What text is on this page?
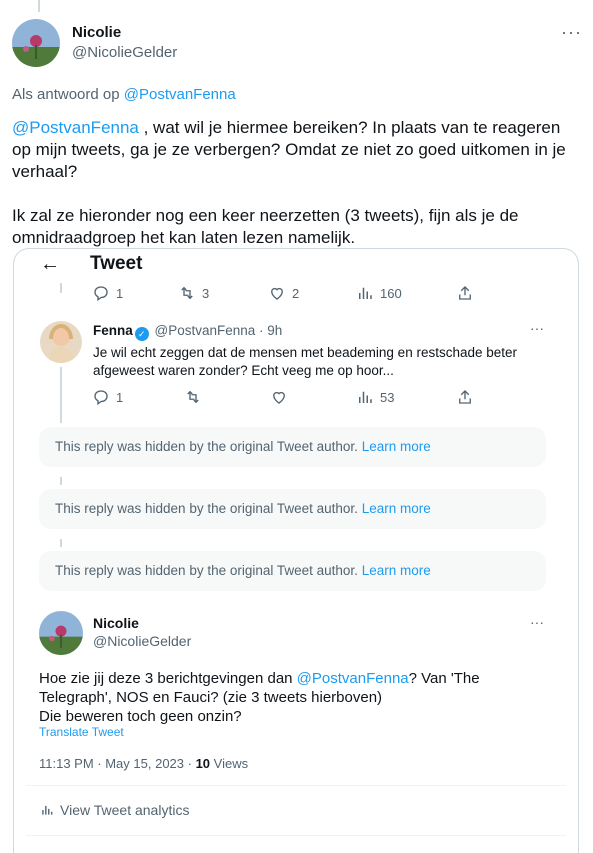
Nicolie
@NicolieGelder
···
Als antwoord op @PostvanFenna

@PostvanFenna , wat wil je hiermee bereiken? In plaats van te reageren op mijn tweets, ga je ze verbergen? Omdat ze niet zo goed uitkomen in je verhaal?

Ik zal ze hieronder nog een keer neerzetten (3 tweets), fijn als je de omnidraadgroep het kan laten lezen namelijk.

← Tweet
1	3	2	160
Fenna ✓ @PostvanFenna · 9h	···
Je wil echt zeggen dat de mensen met beademing en restschade beter
afgeweest waren zonder? Echt veeg me op hoor...
1	53
This reply was hidden by the original Tweet author. Learn more
This reply was hidden by the original Tweet author. Learn more
This reply was hidden by the original Tweet author. Learn more
Nicolie
@NicolieGelder
···
Hoe zie jij deze 3 berichtgevingen dan @PostvanFenna? Van 'The Telegraph', NOS en Fauci? (zie 3 tweets hierboven)
Die beweren toch geen onzin?
Translate Tweet
11:13 PM · May 15, 2023 · 10 Views
View Tweet analytics
